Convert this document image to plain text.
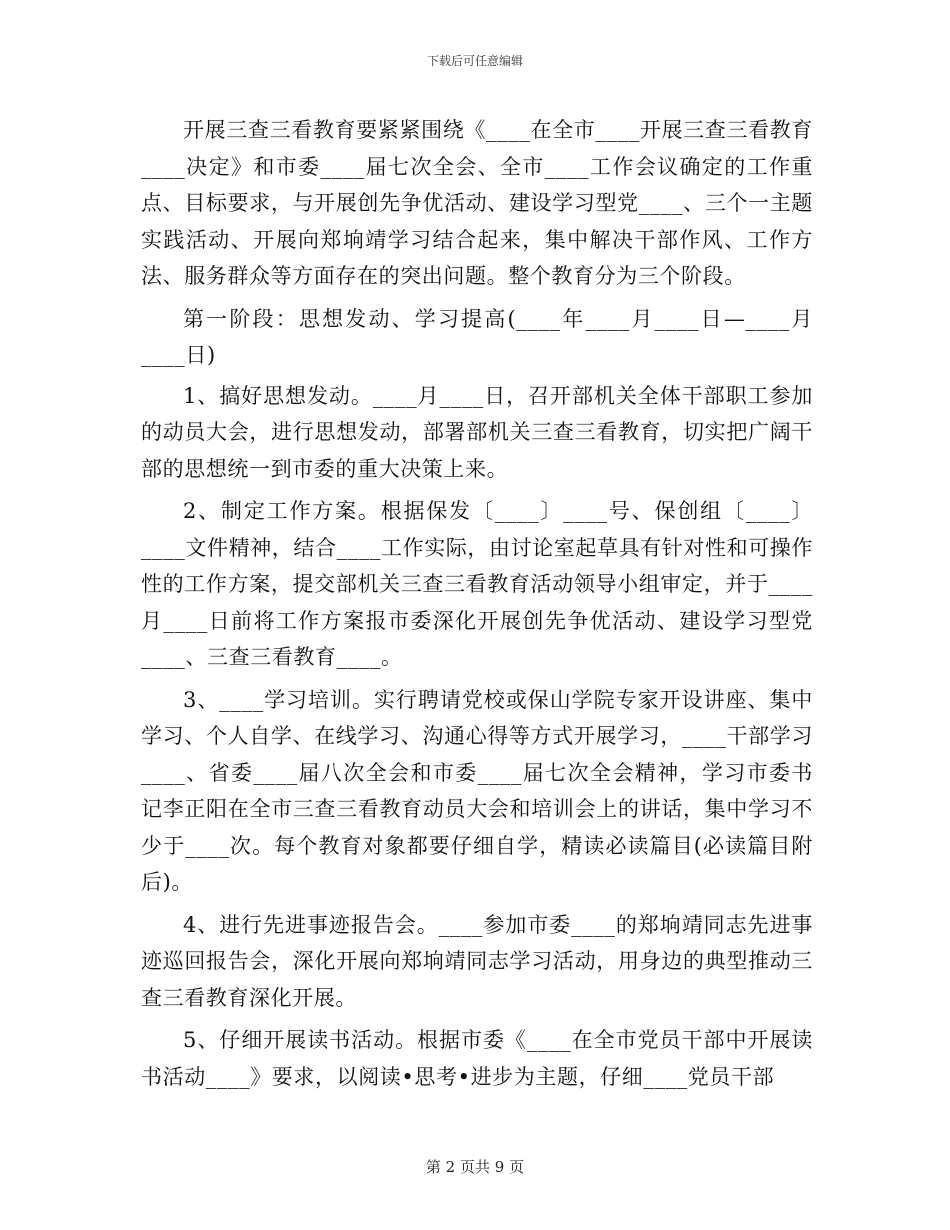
下载后可任意编辑

开展三查三看教育要紧紧围绕《____在全市____开展三查三看教育____决定》和市委____届七次全会、全市____工作会议确定的工作重点、目标要求，与开展创先争优活动、建设学习型党____、三个一主题实践活动、开展向郑垧靖学习结合起来，集中解决干部作风、工作方法、服务群众等方面存在的突出问题。整个教育分为三个阶段。

第一阶段：思想发动、学习提高(____年____月____日—____月____日)

1、搞好思想发动。____月____日，召开部机关全体干部职工参加的动员大会，进行思想发动，部署部机关三查三看教育，切实把广阔干部的思想统一到市委的重大决策上来。

2、制定工作方案。根据保发〔____〕____号、保创组〔____〕____文件精神，结合____工作实际，由讨论室起草具有针对性和可操作性的工作方案，提交部机关三查三看教育活动领导小组审定，并于____月____日前将工作方案报市委深化开展创先争优活动、建设学习型党____、三查三看教育____。

3、____学习培训。实行聘请党校或保山学院专家开设讲座、集中学习、个人自学、在线学习、沟通心得等方式开展学习，____干部学习____、省委____届八次全会和市委____届七次全会精神，学习市委书记李正阳在全市三查三看教育动员大会和培训会上的讲话，集中学习不少于____次。每个教育对象都要仔细自学，精读必读篇目(必读篇目附后)。

4、进行先进事迹报告会。____参加市委____的郑垧靖同志先进事迹巡回报告会，深化开展向郑垧靖同志学习活动，用身边的典型推动三查三看教育深化开展。

5、仔细开展读书活动。根据市委《____在全市党员干部中开展读书活动____》要求，以阅读•思考•进步为主题，仔细____党员干部

第 2 页共 9 页
